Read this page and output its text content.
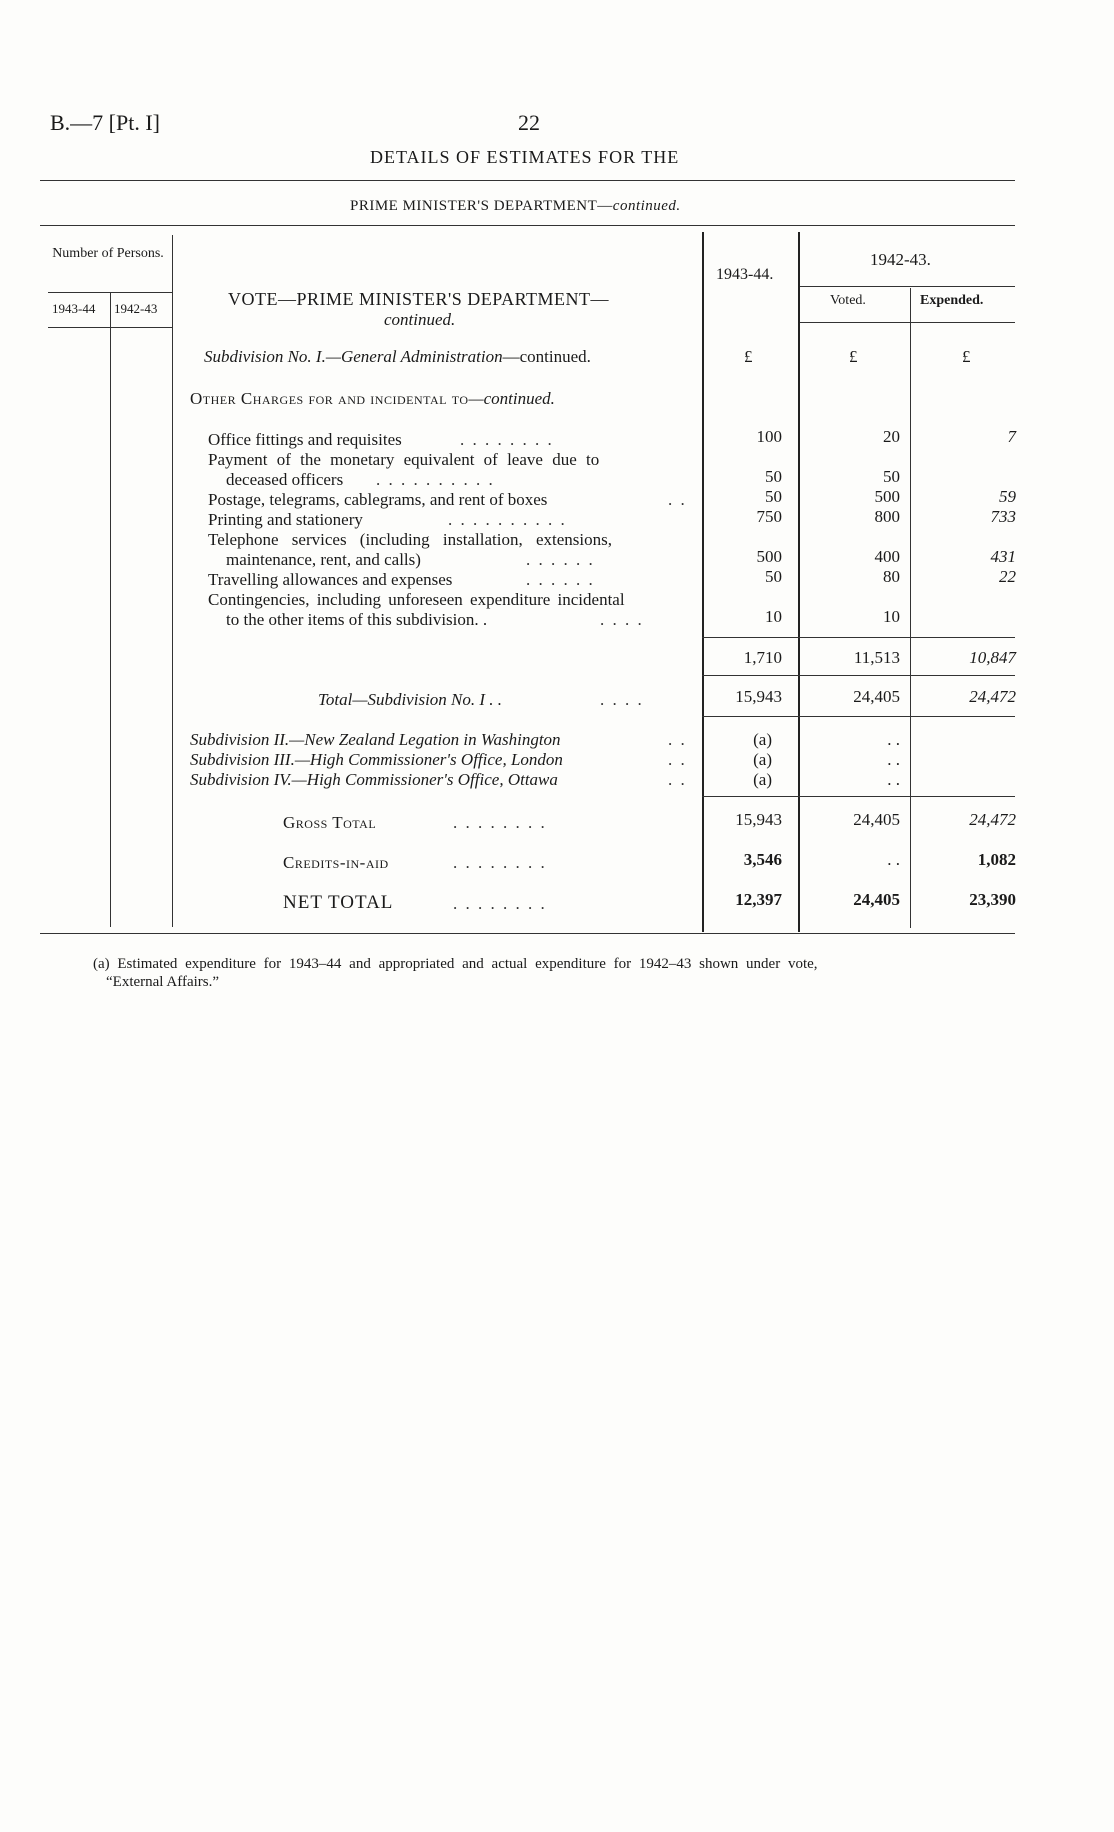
B.—7 [Pt. I]	22
DETAILS OF ESTIMATES FOR THE
PRIME MINISTER'S DEPARTMENT—continued.
Number of Persons.
1943-44 1942-43	VOTE—PRIME MINISTER'S DEPARTMENT—
continued.
1943-44.
1942-43.
Voted.	Expended.
£	£	£
Subdivision No. I.—General Administration—continued.
Other Charges for and incidental to—continued.
Office fittings and requisites	. . . . . . . .	100	20	7
Payment of the monetary equivalent of leave due to
deceased officers . . . . . . . . . .	50	50
Postage, telegrams, cablegrams, and rent of boxes	. .	50	500	59
Printing and stationery	. . . . . . . . . .	750	800	733
Telephone services (including installation, extensions,
maintenance, rent, and calls)	. . . . . .	500	400	431
Travelling allowances and expenses	. . . . . .	50	80	22
Contingencies, including unforeseen expenditure incidental
to the other items of this subdivision. .	. . . .	10	10
1,710	11,513	10,847
Total—Subdivision No. I . .	. . . .	15,943	24,405	24,472
Subdivision II.—New Zealand Legation in Washington	. .	(a)	. .
Subdivision III.—High Commissioner's Office, London	. .	(a)	. .
Subdivision IV.—High Commissioner's Office, Ottawa	. .	(a)	. .
Gross Total	. . . . . . . .	15,943	24,405	24,472
Credits-in-aid	. . . . . . . .	3,546	. .	1,082
NET TOTAL	. . . . . . . .	12,397	24,405	23,390
(a) Estimated expenditure for 1943–44 and appropriated and actual expenditure for 1942–43 shown under vote,
“External Affairs.”
